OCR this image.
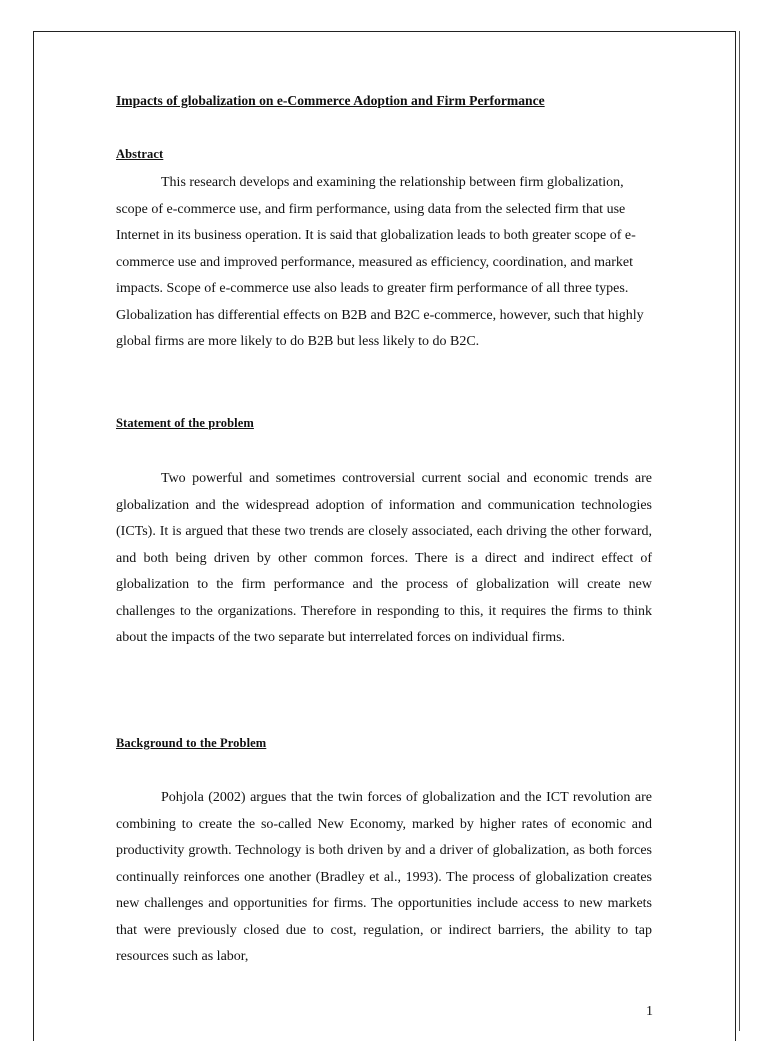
Impacts of globalization on e-Commerce Adoption and Firm Performance
Abstract

This research develops and examining the relationship between firm globalization, scope of e-commerce use, and firm performance, using data from the selected firm that use Internet in its business operation. It is said that globalization leads to both greater scope of e-commerce use and improved performance, measured as efficiency, coordination, and market impacts. Scope of e-commerce use also leads to greater firm performance of all three types. Globalization has differential effects on B2B and B2C e-commerce, however, such that highly global firms are more likely to do B2B but less likely to do B2C.

Statement of the problem

Two powerful and sometimes controversial current social and economic trends are globalization and the widespread adoption of information and communication technologies (ICTs). It is argued that these two trends are closely associated, each driving the other forward, and both being driven by other common forces. There is a direct and indirect effect of globalization to the firm performance and the process of globalization will create new challenges to the organizations. Therefore in responding to this, it requires the firms to think about the impacts of the two separate but interrelated forces on individual firms.

Background to the Problem

Pohjola (2002) argues that the twin forces of globalization and the ICT revolution are combining to create the so-called New Economy, marked by higher rates of economic and productivity growth. Technology is both driven by and a driver of globalization, as both forces continually reinforces one another (Bradley et al., 1993). The process of globalization creates new challenges and opportunities for firms. The opportunities include access to new markets that were previously closed due to cost, regulation, or indirect barriers, the ability to tap resources such as labor,

1
